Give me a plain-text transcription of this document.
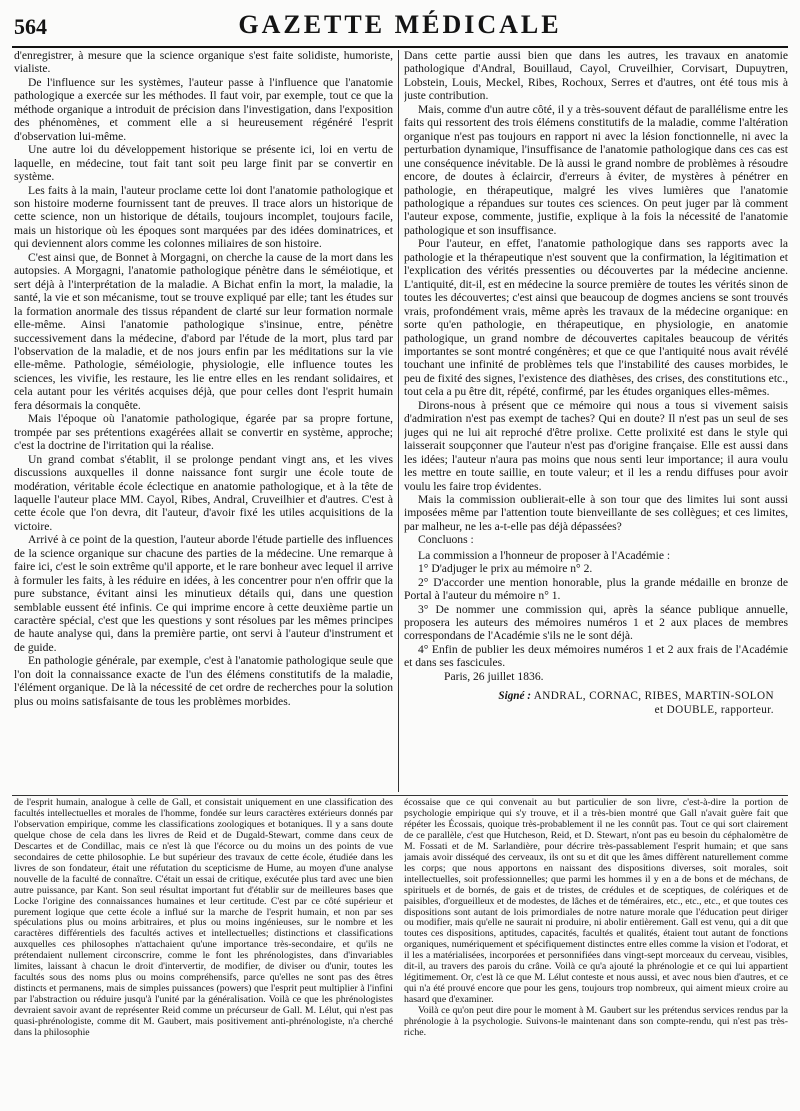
564	GAZETTE MÉDICALE

d'enregistrer, à mesure que la science organique s'est faite solidiste, humoriste, vialiste.

De l'influence sur les systèmes, l'auteur passe à l'influence que l'anatomie pathologique a exercée sur les méthodes. Il faut voir, par exemple, tout ce que la méthode organique a introduit de précision dans l'investigation, dans l'exposition des phénomènes, et comment elle a si heureusement régénéré l'esprit d'observation lui-même.

Une autre loi du développement historique se présente ici, loi en vertu de laquelle, en médecine, tout fait tant soit peu large finit par se convertir en système.

Les faits à la main, l'auteur proclame cette loi dont l'anatomie pathologique et son histoire moderne fournissent tant de preuves. Il trace alors un historique de cette science, non un historique de détails, toujours incomplet, toujours facile, mais un historique où les époques sont marquées par des idées dominatrices, et qui deviennent alors comme les colonnes miliaires de son histoire.

C'est ainsi que, de Bonnet à Morgagni, on cherche la cause de la mort dans les autopsies. A Morgagni, l'anatomie pathologique pénètre dans le séméiotique, et sert déjà à l'interprétation de la maladie. A Bichat enfin la mort, la maladie, la santé, la vie et son mécanisme, tout se trouve expliqué par elle; tant les études sur la formation anormale des tissus répandent de clarté sur leur formation normale elle-même. Ainsi l'anatomie pathologique s'insinue, entre, pénètre successivement dans la médecine, d'abord par l'étude de la mort, plus tard par l'observation de la maladie, et de nos jours enfin par les méditations sur la vie elle-même. Pathologie, séméiologie, physiologie, elle influence toutes les sciences, les vivifie, les restaure, les lie entre elles en les rendant solidaires, et cela autant pour les vérités acquises déjà, que pour celles dont l'esprit humain fera désormais la conquête.

Mais l'époque où l'anatomie pathologique, égarée par sa propre fortune, trompée par ses prétentions exagérées allait se convertir en système, approche; c'est la doctrine de l'irritation qui la réalise.

Un grand combat s'établit, il se prolonge pendant vingt ans, et les vives discussions auxquelles il donne naissance font surgir une école toute de modération, véritable école éclectique en anatomie pathologique, et à la tête de laquelle l'auteur place MM. Cayol, Ribes, Andral, Cruveilhier et d'autres. C'est à cette école que l'on devra, dit l'auteur, d'avoir fixé les utiles acquisitions de la victoire.

Arrivé à ce point de la question, l'auteur aborde l'étude partielle des influences de la science organique sur chacune des parties de la médecine. Une remarque à faire ici, c'est le soin extrême qu'il apporte, et le rare bonheur avec lequel il arrive à formuler les faits, à les réduire en idées, à les concentrer pour n'en offrir que la pure substance, évitant ainsi les minutieux détails qui, dans une question semblable eussent été infinis. Ce qui imprime encore à cette deuxième partie un caractère spécial, c'est que les questions y sont résolues par les mêmes principes de haute analyse qui, dans la première partie, ont servi à l'auteur d'instrument et de guide.

En pathologie générale, par exemple, c'est à l'anatomie pathologique seule que l'on doit la connaissance exacte de l'un des élémens constitutifs de la maladie, l'élément organique. De là la nécessité de cet ordre de recherches pour la solution plus ou moins satisfaisante de tous les problèmes morbides.

Dans cette partie aussi bien que dans les autres, les travaux en anatomie pathologique d'Andral, Bouillaud, Cayol, Cruveilhier, Corvisart, Dupuytren, Lobstein, Louis, Meckel, Ribes, Rochoux, Serres et d'autres, ont été tous mis à juste contribution.

Mais, comme d'un autre côté, il y a très-souvent défaut de parallélisme entre les faits qui ressortent des trois élémens constitutifs de la maladie, comme l'altération organique n'est pas toujours en rapport ni avec la lésion fonctionnelle, ni avec la perturbation dynamique, l'insuffisance de l'anatomie pathologique dans ces cas est une conséquence inévitable. De là aussi le grand nombre de problèmes à résoudre encore, de doutes à éclaircir, d'erreurs à éviter, de mystères à pénétrer en pathologie, en thérapeutique, malgré les vives lumières que l'anatomie pathologique a répandues sur toutes ces sciences. On peut juger par là comment l'auteur expose, commente, justifie, explique à la fois la nécessité de l'anatomie pathologique et son insuffisance.

Pour l'auteur, en effet, l'anatomie pathologique dans ses rapports avec la pathologie et la thérapeutique n'est souvent que la confirmation, la légitimation et l'explication des vérités pressenties ou découvertes par la médecine ancienne. L'antiquité, dit-il, est en médecine la source première de toutes les vérités sinon de toutes les découvertes; c'est ainsi que beaucoup de dogmes anciens se sont trouvés vrais, profondément vrais, même après les travaux de la médecine organique: en sorte qu'en pathologie, en thérapeutique, en physiologie, en anatomie pathologique, un grand nombre de découvertes capitales beaucoup de vérités importantes se sont montré congénères; et que ce que l'antiquité nous avait révélé touchant une infinité de problèmes tels que l'instabilité des causes morbides, le peu de fixité des signes, l'existence des diathèses, des crises, des constitutions etc., tout cela a pu être dit, répété, confirmé, par les études organiques elles-mêmes.

Dirons-nous à présent que ce mémoire qui nous a tous si vivement saisis d'admiration n'est pas exempt de taches? Qui en doute? Il n'est pas un seul de ses juges qui ne lui ait reproché d'être prolixe. Cette prolixité est dans le style qui laisserait soupçonner que l'auteur n'est pas d'origine française. Elle est aussi dans les idées; l'auteur n'aura pas moins que nous senti leur importance; il aura voulu les mettre en toute saillie, en toute valeur; et il les a rendu diffuses pour avoir voulu les faire trop évidentes.

Mais la commission oublierait-elle à son tour que des limites lui sont aussi imposées même par l'attention toute bienveillante de ses collègues; et ces limites, par malheur, ne les a-t-elle pas déjà dépassées?

Concluons :

La commission a l'honneur de proposer à l'Académie :

1° D'adjuger le prix au mémoire n° 2.

2° D'accorder une mention honorable, plus la grande médaille en bronze de Portal à l'auteur du mémoire n° 1.

3° De nommer une commission qui, après la séance publique annuelle, proposera les auteurs des mémoires numéros 1 et 2 aux places de membres correspondans de l'Académie s'ils ne le sont déjà.

4° Enfin de publier les deux mémoires numéros 1 et 2 aux frais de l'Académie et dans ses fascicules.

Paris, 26 juillet 1836.

Signé : ANDRAL, CORNAC, RIBES, MARTIN-SOLON
et DOUBLE, rapporteur.

de l'esprit humain, analogue à celle de Gall, et consistait uniquement en une classification des facultés intellectuelles et morales de l'homme, fondée sur leurs caractères extérieurs donnés par l'observation empirique, comme les classifications zoologiques et botaniques. Il y a sans doute quelque chose de cela dans les livres de Reid et de Dugald-Stewart, comme dans ceux de Descartes et de Condillac, mais ce n'est là que l'écorce ou du moins un des points de vue secondaires de cette philosophie. Le but supérieur des travaux de cette école, étudiée dans les livres de son fondateur, était une réfutation du scepticisme de Hume, au moyen d'une analyse nouvelle de la faculté de connaître. C'était un essai de critique, exécutée plus tard avec une bien autre puissance, par Kant. Son seul résultat important fut d'établir sur de meilleures bases que Locke l'origine des connaissances humaines et leur certitude. C'est par ce côté supérieur et purement logique que cette école a influé sur la marche de l'esprit humain, et non par ses spéculations plus ou moins arbitraires, et plus ou moins ingénieuses, sur le nombre et les caractères différentiels des facultés actives et intellectuelles; distinctions et classifications auxquelles ces philosophes n'attachaient qu'une importance très-secondaire, et qu'ils ne prétendaient nullement circonscrire, comme le font les phrénologistes, dans d'invariables limites, laissant à chacun le droit d'intervertir, de modifier, de diviser ou d'unir, toutes les facultés sous des noms plus ou moins compréhensifs, parce qu'elles ne sont pas des êtres distincts et permanens, mais de simples puissances (powers) que l'esprit peut multiplier à l'infini par l'abstraction ou réduire jusqu'à l'unité par la généralisation. Voilà ce que les phrénologistes devraient savoir avant de représenter Reid comme un précurseur de Gall. M. Lélut, qui n'est pas quasi-phrénologiste, comme dit M. Gaubert, mais positivement anti-phrénologiste, n'a cherché dans la philosophie

écossaise que ce qui convenait au but particulier de son livre, c'est-à-dire la portion de psychologie empirique qui s'y trouve, et il a très-bien montré que Gall n'avait guère fait que répéter les Écossais, quoique très-probablement il ne les connût pas. Tout ce qui sort clairement de ce parallèle, c'est que Hutcheson, Reid, et D. Stewart, n'ont pas eu besoin du céphalomètre de M. Fossati et de M. Sarlandière, pour décrire très-passablement l'esprit humain; et que sans jamais avoir disséqué des cerveaux, ils ont su et dit que les âmes diffèrent naturellement comme les corps; que nous apportons en naissant des dispositions diverses, soit morales, soit intellectuelles, soit professionnelles; que parmi les hommes il y en a de bons et de méchans, de spirituels et de bornés, de gais et de tristes, de crédules et de sceptiques, de colériques et de paisibles, d'orgueilleux et de modestes, de lâches et de téméraires, etc., etc., etc., et que toutes ces dispositions sont autant de lois primordiales de notre nature morale que l'éducation peut diriger ou modifier, mais qu'elle ne saurait ni produire, ni abolir entièrement. Gall est venu, qui a dit que toutes ces dispositions, aptitudes, capacités, facultés et qualités, étaient tout autant de fonctions organiques, numériquement et spécifiquement distinctes entre elles comme la vision et l'odorat, et il les a matérialisées, incorporées et personnifiées dans vingt-sept morceaux du cerveau, visibles, dit-il, au travers des parois du crâne. Voilà ce qu'a ajouté la phrénologie et ce qui lui appartient légitimement. Or, c'est là ce que M. Lélut conteste et nous aussi, et avec nous bien d'autres, et ce qui n'a été prouvé encore que pour les gens, toujours trop nombreux, qui aiment mieux croire au hasard que d'examiner.

Voilà ce qu'on peut dire pour le moment à M. Gaubert sur les prétendus services rendus par la phrénologie à la psychologie. Suivons-le maintenant dans son compte-rendu, qui n'est pas très-riche.
